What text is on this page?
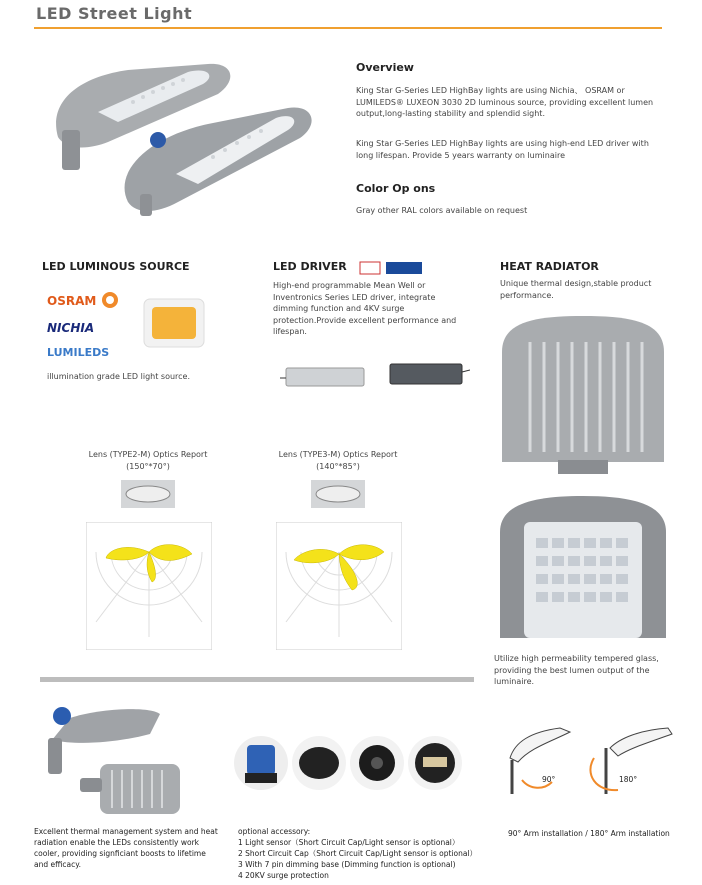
LED Street Light
Overview
King Star G-Series LED HighBay lights are using Nichia、 OSRAM or LUMILEDS® LUXEON 3030 2D luminous source, providing excellent lumen output,long-lasting stability and splendid sight.
King Star G-Series LED HighBay lights are using high-end LED driver with long lifespan. Provide 5 years warranty on luminaire
Color Op ons
Gray other RAL colors available on request
LED LUMINOUS SOURCE
OSRAM
NICHIA
LUMILEDS
illumination grade LED light source.
LED DRIVER
High-end programmable Mean Well or Inventronics Series LED driver, integrate dimming function and 4KV surge protection.Provide excellent performance and lifespan.
HEAT RADIATOR
Unique thermal design,stable product performance.
Utilize high permeability tempered glass, providing the best lumen output of the luminaire.
Lens (TYPE2-M) Optics Report
(150°*70°)
Lens (TYPE3-M) Optics Report
(140°*85°)
Excellent thermal management system and heat radiation enable the LEDs consistently work cooler, providing signficiant boosts to lifetime and efficacy.
optional accessory:
1 Light sensor（Short Circuit Cap/Light sensor is optional）
2 Short Circuit Cap（Short Circuit Cap/Light sensor is optional）
3 With 7 pin dimming base (Dimming function is optional)
4 20KV surge protection
90°	180°
90° Arm installation / 180° Arm installation
